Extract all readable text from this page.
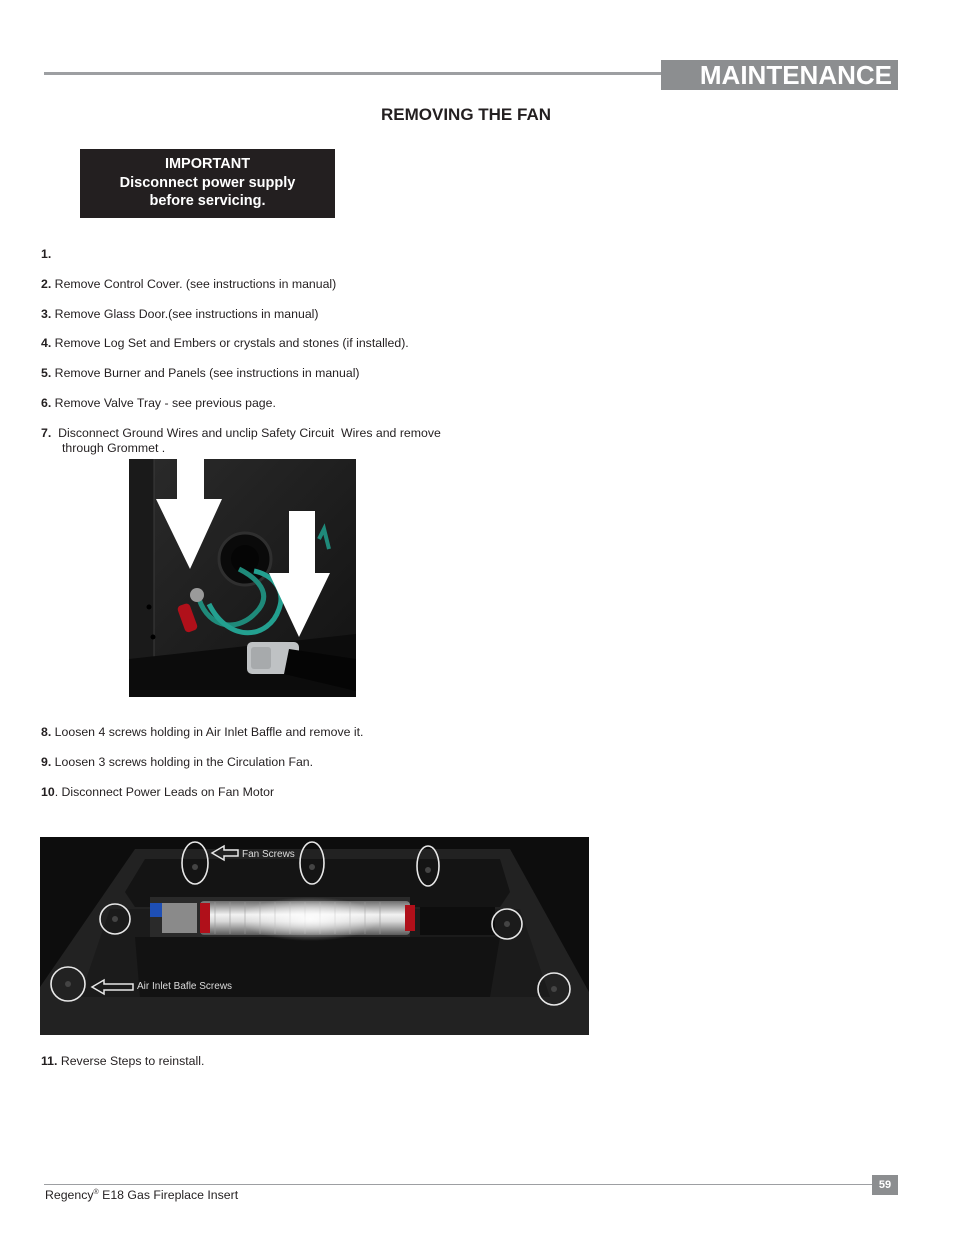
MAINTENANCE
REMOVING THE FAN
IMPORTANT
Disconnect power supply
before servicing.
1.
2. Remove Control Cover. (see instructions in manual)
3. Remove Glass Door.(see instructions in manual)
4. Remove Log Set and Embers or crystals and stones (if installed).
5. Remove Burner and Panels (see instructions in manual)
6. Remove Valve Tray - see previous page.
7.  Disconnect Ground Wires and unclip Safety Circuit  Wires and remove
through Grommet .
8. Loosen 4 screws holding in Air Inlet Baffle and remove it.
9. Loosen 3 screws holding in the Circulation Fan.
10. Disconnect Power Leads on Fan Motor
Fan Screws
Air Inlet Bafle Screws
11. Reverse Steps to reinstall.
59
Regency® E18 Gas Fireplace Insert
